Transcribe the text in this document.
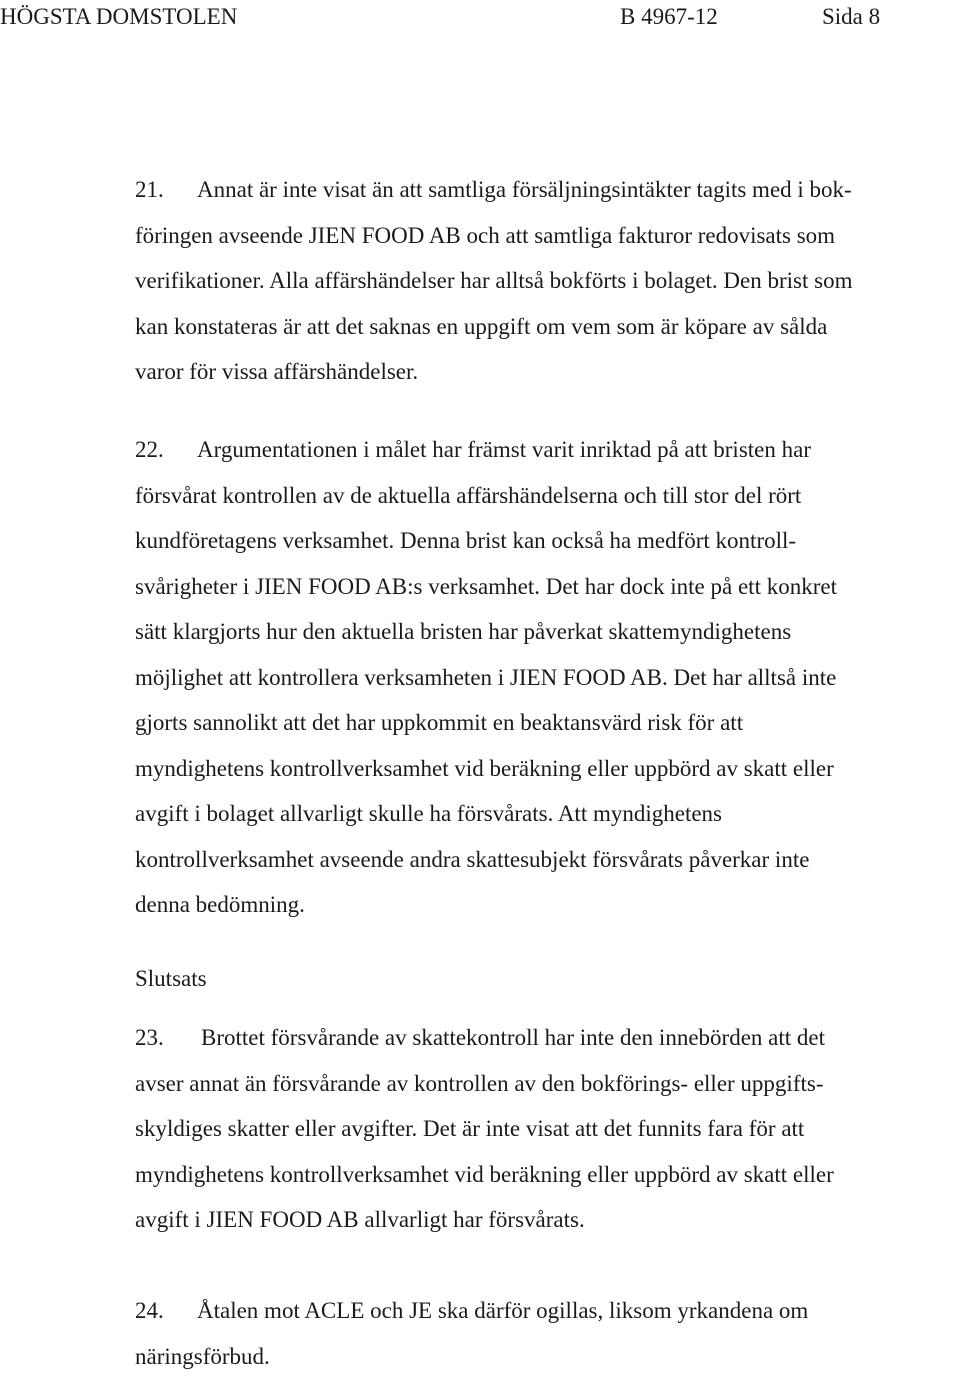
HÖGSTA DOMSTOLEN	B 4967-12	Sida 8

21. Annat är inte visat än att samtliga försäljningsintäkter tagits med i bok-
föringen avseende JIEN FOOD AB och att samtliga fakturor redovisats som
verifikationer. Alla affärshändelser har alltså bokförts i bolaget. Den brist som
kan konstateras är att det saknas en uppgift om vem som är köpare av sålda
varor för vissa affärshändelser.

22. Argumentationen i målet har främst varit inriktad på att bristen har
försvårat kontrollen av de aktuella affärshändelserna och till stor del rört
kundföretagens verksamhet. Denna brist kan också ha medfört kontroll-
svårigheter i JIEN FOOD AB:s verksamhet. Det har dock inte på ett konkret
sätt klargjorts hur den aktuella bristen har påverkat skattemyndighetens
möjlighet att kontrollera verksamheten i JIEN FOOD AB. Det har alltså inte
gjorts sannolikt att det har uppkommit en beaktansvärd risk för att
myndighetens kontrollverksamhet vid beräkning eller uppbörd av skatt eller
avgift i bolaget allvarligt skulle ha försvårats. Att myndighetens
kontrollverksamhet avseende andra skattesubjekt försvårats påverkar inte
denna bedömning.

Slutsats

23. Brottet försvårande av skattekontroll har inte den innebörden att det
avser annat än försvårande av kontrollen av den bokförings- eller uppgifts-
skyldiges skatter eller avgifter. Det är inte visat att det funnits fara för att
myndighetens kontrollverksamhet vid beräkning eller uppbörd av skatt eller
avgift i JIEN FOOD AB allvarligt har försvårats.

24. Åtalen mot ACLE och JE ska därför ogillas, liksom yrkandena om
näringsförbud.
